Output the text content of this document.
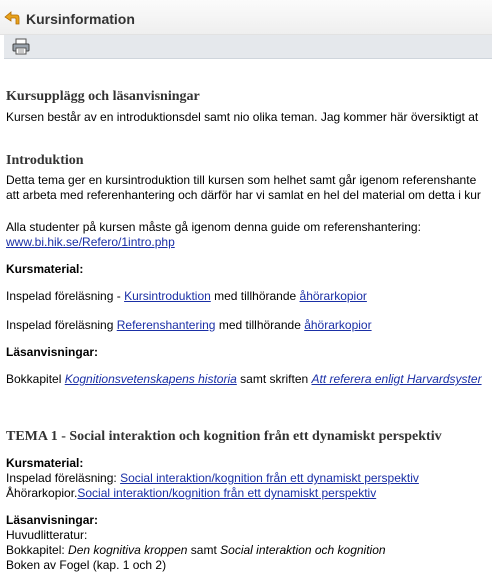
Kursinformation
Kursupplägg och läsanvisningar
Kursen består av en introduktionsdel samt nio olika teman. Jag kommer här översiktigt at
Introduktion
Detta tema ger en kursintroduktion till kursen som helhet samt går igenom referenshante
att arbeta med referenhantering och därför har vi samlat en hel del material om detta i kur
Alla studenter på kursen måste gå igenom denna guide om referenshantering:
www.bi.hik.se/Refero/1intro.php
Kursmaterial:
Inspelad föreläsning - Kursintroduktion med tillhörande åhörarkopior
Inspelad föreläsning Referenshantering med tillhörande åhörarkopior
Läsanvisningar:
Bokkapitel Kognitionsvetenskapens historia samt skriften Att referera enligt Harvardsyster
TEMA 1 - Social interaktion och kognition från ett dynamiskt perspektiv
Kursmaterial:
Inspelad föreläsning: Social interaktion/kognition från ett dynamiskt perspektiv
Åhörarkopior.Social interaktion/kognition från ett dynamiskt perspektiv
Läsanvisningar:
Huvudlitteratur:
Bokkapitel: Den kognitiva kroppen samt Social interaktion och kognition
Boken av Fogel (kap. 1 och 2)
